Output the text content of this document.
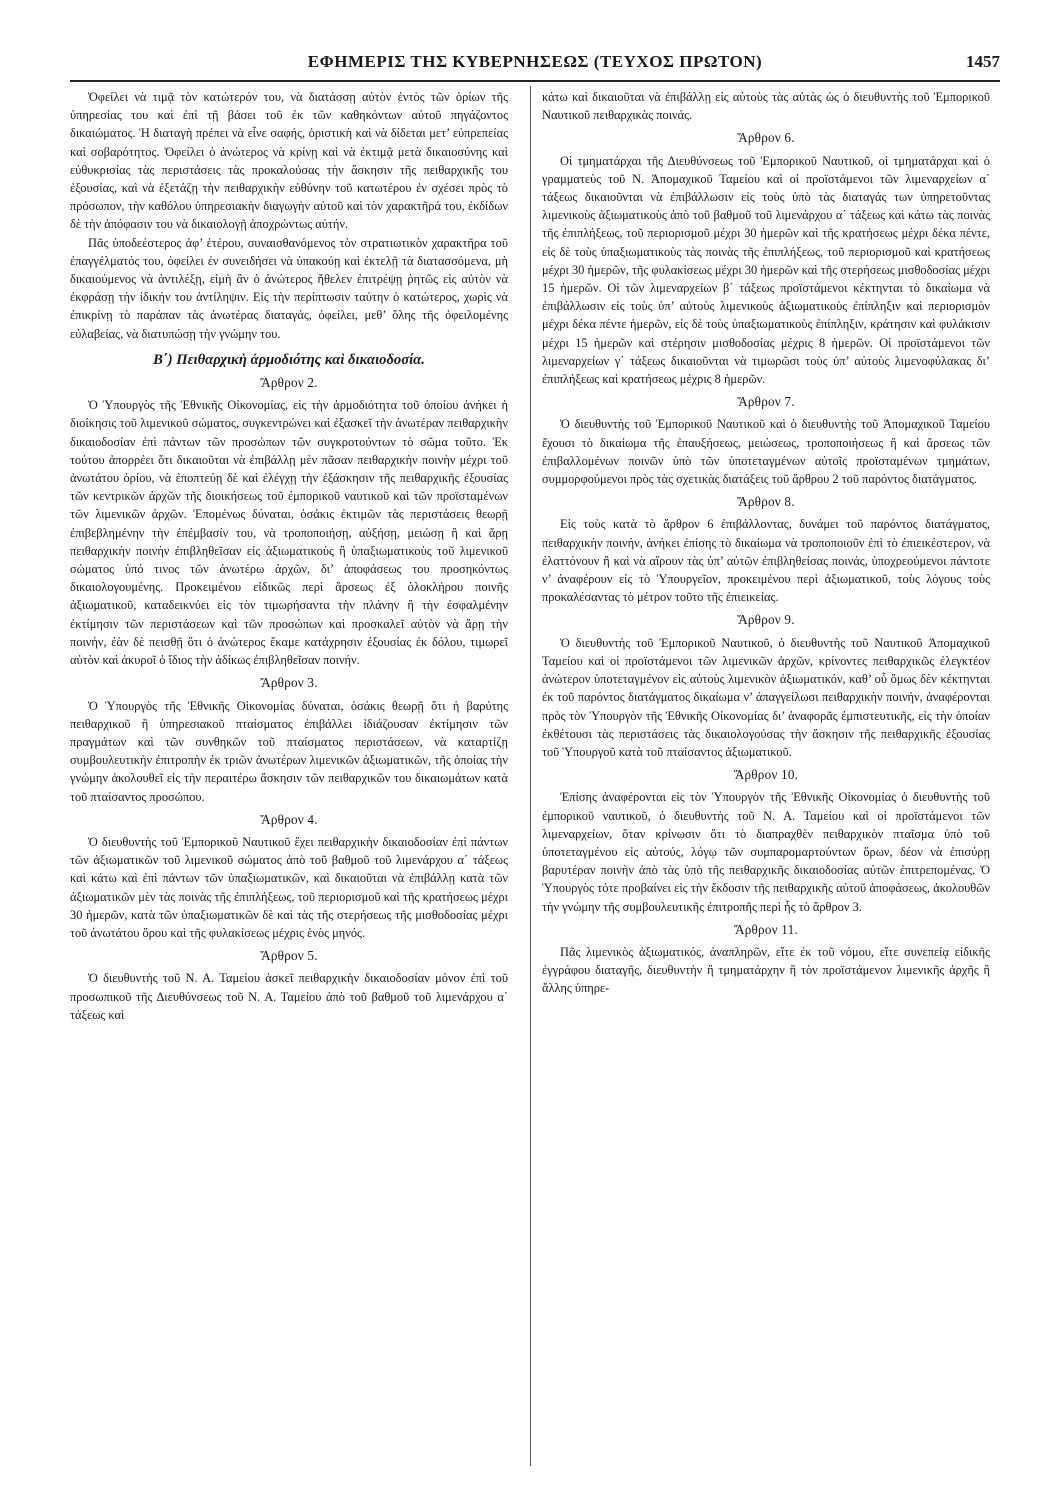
ΕΦΗΜΕΡΙΣ ΤΗΣ ΚΥΒΕΡΝΗΣΕΩΣ (ΤΕΥΧΟΣ ΠΡΩΤΟΝ)	1457

Ὀφείλει νὰ τιμᾷ τὸν κατώτερόν του, νὰ διατάσσῃ αὐτὸν ἐντὸς τῶν ὁρίων τῆς ὑπηρεσίας του καὶ ἐπὶ τῇ βάσει τοῦ ἐκ τῶν καθηκόντων αὐτοῦ πηγάζοντος δικαιώματος. Ἡ διαταγὴ πρέπει νὰ εἶνε σαφής, ὁριστικὴ καὶ νὰ δίδεται μετ’ εὐπρεπείας καὶ σοβαρότητος. Ὀφείλει ὁ ἀνώτερος νὰ κρίνῃ καὶ νὰ ἐκτιμᾷ μετὰ δικαιοσύνης καὶ εὐθυκρισίας τὰς περιστάσεις τὰς προκαλούσας τὴν ἄσκησιν τῆς πειθαρχικῆς του ἐξουσίας, καὶ νὰ ἐξετάζῃ τὴν πειθαρχικὴν εὐθύνην τοῦ κατωτέρου ἐν σχέσει πρὸς τὸ πρόσωπον, τὴν καθόλου ὑπηρεσιακὴν διαγωγὴν αὐτοῦ καὶ τὸν χαρακτῆρά του, ἐκδίδων δὲ τὴν ἀπόφασιν του νὰ δικαιολογῇ ἀποχρώντως αὐτήν.

Πᾶς ὑποδεέστερος ἀφ’ ἑτέρου, συναισθανόμενος τὸν στρατιωτικὸν χαρακτῆρα τοῦ ἐπαγγέλματός του, ὀφείλει ἐν συνειδήσει νὰ ὑπακούῃ καὶ ἐκτελῇ τὰ διατασσόμενα, μὴ δικαιούμενος νὰ ἀντιλέξῃ, εἰμὴ ἂν ὁ ἀνώτερος ἤθελεν ἐπιτρέψῃ ῥητῶς εἰς αὐτὸν νὰ ἐκφράσῃ τὴν ἰδικήν του ἀντίληψιν. Εἰς τὴν περίπτωσιν ταύτην ὁ κατώτερος, χωρὶς νὰ ἐπικρίνῃ τὸ παράπαν τὰς ἀνωτέρας διαταγάς, ὀφείλει, μεθ’ ὅλης τῆς ὀφειλομένης εὐλαβείας, νὰ διατυπώσῃ τὴν γνώμην του.

Β΄) Πειθαρχικὴ ἁρμοδιότης καὶ δικαιοδοσία.
Ἄρθρον 2.

Ὁ Ὑπουργὸς τῆς Ἐθνικῆς Οἰκονομίας, εἰς τὴν ἁρμοδιότητα τοῦ ὁποίου ἀνήκει ἡ διοίκησις τοῦ λιμενικοῦ σώματος, συγκεντρώνει καὶ ἐξασκεῖ τὴν ἀνωτέραν πειθαρχικὴν δικαιοδοσίαν ἐπὶ πάντων τῶν προσώπων τῶν συγκροτούντων τὸ σῶμα τοῦτο. Ἐκ τούτου ἀπορρέει ὅτι δικαιοῦται νὰ ἐπιβάλλῃ μὲν πᾶσαν πειθαρχικὴν ποινὴν μέχρι τοῦ ἀνωτάτου ὁρίου, νὰ ἐποπτεύῃ δὲ καὶ ἐλέγχῃ τὴν ἐξάσκησιν τῆς πειθαρχικῆς ἐξουσίας τῶν κεντρικῶν ἀρχῶν τῆς διοικήσεως τοῦ ἐμπορικοῦ ναυτικοῦ καὶ τῶν προϊσταμένων τῶν λιμενικῶν ἀρχῶν. Ἐπομένως δύναται, ὁσάκις ἐκτιμῶν τὰς περιστάσεις θεωρῇ ἐπιβεβλημένην τὴν ἐπέμβασίν του, νὰ τροποποιήσῃ, αὐξήσῃ, μειώσῃ ἢ καὶ ἄρῃ πειθαρχικὴν ποινὴν ἐπιβληθεῖσαν εἰς ἀξιωματικοὺς ἢ ὑπαξιωματικοὺς τοῦ λιμενικοῦ σώματος ὑπό τινος τῶν ἀνωτέρω ἀρχῶν, δι’ ἀποφάσεως του προσηκόντως δικαιολογουμένης. Προκειμένου εἰδικῶς περὶ ἄρσεως ἐξ ὁλοκλήρου ποινῆς ἀξιωματικοῦ, καταδεικνύει εἰς τὸν τιμωρήσαντα τὴν πλάνην ἢ τὴν ἐσφαλμένην ἐκτίμησιν τῶν περιστάσεων καὶ τῶν προσώπων καὶ προσκαλεῖ αὐτὸν νὰ ἄρῃ τὴν ποινήν, ἐὰν δὲ πεισθῇ ὅτι ὁ ἀνώτερος ἔκαμε κατάχρησιν ἐξουσίας ἐκ δόλου, τιμωρεῖ αὐτὸν καὶ ἀκυροῖ ὁ ἴδιος τὴν ἀδίκως ἐπιβληθεῖσαν ποινήν.

Ἄρθρον 3.

Ὁ Ὑπουργὸς τῆς Ἐθνικῆς Οἰκονομίας δύναται, ὁσάκις θεωρῇ ὅτι ἡ βαρύτης πειθαρχικοῦ ἢ ὑπηρεσιακοῦ πταίσματος ἐπιβάλλει ἰδιάζουσαν ἐκτίμησιν τῶν πραγμάτων καὶ τῶν συνθηκῶν τοῦ πταίσματος περιστάσεων, νὰ καταρτίζῃ συμβουλευτικὴν ἐπιτροπὴν ἐκ τριῶν ἀνωτέρων λιμενικῶν ἀξιωματικῶν, τῆς ὁποίας τὴν γνώμην ἀκολουθεῖ εἰς τὴν περαιτέρω ἄσκησιν τῶν πειθαρχικῶν του δικαιωμάτων κατὰ τοῦ πταίσαντος προσώπου.

Ἄρθρον 4.

Ὁ διευθυντὴς τοῦ Ἐμπορικοῦ Ναυτικοῦ ἔχει πειθαρχικὴν δικαιοδοσίαν ἐπὶ πάντων τῶν ἀξιωματικῶν τοῦ λιμενικοῦ σώματος ἀπὸ τοῦ βαθμοῦ τοῦ λιμενάρχου α΄ τάξεως καὶ κάτω καὶ ἐπὶ πάντων τῶν ὑπαξιωματικῶν, καὶ δικαιοῦται νὰ ἐπιβάλλῃ κατὰ τῶν ἀξιωματικῶν μὲν τὰς ποινὰς τῆς ἐπιπλήξεως, τοῦ περιορισμοῦ καὶ τῆς κρατήσεως μέχρι 30 ἡμερῶν, κατὰ τῶν ὑπαξιωματικῶν δὲ καὶ τὰς τῆς στερήσεως τῆς μισθοδοσίας μέχρι τοῦ ἀνωτάτου ὅρου καὶ τῆς φυλακίσεως μέχρις ἑνὸς μηνός.

Ἄρθρον 5.

Ὁ διευθυντὴς τοῦ Ν. Α. Ταμείου ἀσκεῖ πειθαρχικὴν δικαιοδοσίαν μόνον ἐπὶ τοῦ προσωπικοῦ τῆς Διευθύνσεως τοῦ Ν. Α. Ταμείου ἀπὸ τοῦ βαθμοῦ τοῦ λιμενάρχου α΄ τάξεως καὶ

κάτω καὶ δικαιοῦται νὰ ἐπιβάλλῃ εἰς αὐτοὺς τὰς αὐτὰς ὡς ὁ διευθυντὴς τοῦ Ἐμπορικοῦ Ναυτικοῦ πειθαρχικὰς ποινάς.

Ἄρθρον 6.

Οἱ τμηματάρχαι τῆς Διευθύνσεως τοῦ Ἐμπορικοῦ Ναυτικοῦ, οἱ τμηματάρχαι καὶ ὁ γραμματεὺς τοῦ Ν. Ἀπομαχικοῦ Ταμείου καὶ οἱ προϊστάμενοι τῶν λιμεναρχείων α΄ τάξεως δικαιοῦνται νὰ ἐπιβάλλωσιν εἰς τοὺς ὑπὸ τὰς διαταγάς των ὑπηρετοῦντας λιμενικοὺς ἀξιωματικοὺς ἀπὸ τοῦ βαθμοῦ τοῦ λιμενάρχου α΄ τάξεως καὶ κάτω τὰς ποινὰς τῆς ἐπιπλήξεως, τοῦ περιορισμοῦ μέχρι 30 ἡμερῶν καὶ τῆς κρατήσεως μέχρι δέκα πέντε, εἰς δὲ τοὺς ὑπαξιωματικοὺς τὰς ποινὰς τῆς ἐπιπλήξεως, τοῦ περιορισμοῦ καὶ κρατήσεως μέχρι 30 ἡμερῶν, τῆς φυλακίσεως μέχρι 30 ἡμερῶν καὶ τῆς στερήσεως μισθοδοσίας μέχρι 15 ἡμερῶν. Οἱ τῶν λιμεναρχείων β΄ τάξεως προϊστάμενοι κέκτηνται τὸ δικαίωμα νὰ ἐπιβάλλωσιν εἰς τοὺς ὑπ’ αὐτοὺς λιμενικοὺς ἀξιωματικοὺς ἐπίπληξιν καὶ περιορισμὸν μέχρι δέκα πέντε ἡμερῶν, εἰς δὲ τοὺς ὑπαξιωματικοὺς ἐπίπληξιν, κράτησιν καὶ φυλάκισιν μέχρι 15 ἡμερῶν καὶ στέρησιν μισθοδοσίας μέχρις 8 ἡμερῶν. Οἱ προϊστάμενοι τῶν λιμεναρχείων γ΄ τάξεως δικαιοῦνται νὰ τιμωρῶσι τοὺς ὑπ’ αὐτοὺς λιμενοφύλακας δι’ ἐπιπλήξεως καὶ κρατήσεως μέχρις 8 ἡμερῶν.

Ἄρθρον 7.

Ὁ διευθυντὴς τοῦ Ἐμπορικοῦ Ναυτικοῦ καὶ ὁ διευθυντὴς τοῦ Ἀπομαχικοῦ Ταμείου ἔχουσι τὸ δικαίωμα τῆς ἐπαυξήσεως, μειώσεως, τροποποιήσεως ἢ καὶ ἄρσεως τῶν ἐπιβαλλομένων ποινῶν ὑπὸ τῶν ὑποτεταγμένων αὐτοῖς προϊσταμένων τμημάτων, συμμορφούμενοι πρὸς τὰς σχετικὰς διατάξεις τοῦ ἄρθρου 2 τοῦ παρόντος διατάγματος.

Ἄρθρον 8.

Εἰς τοὺς κατὰ τὸ ἄρθρον 6 ἐπιβάλλοντας, δυνάμει τοῦ παρόντος διατάγματος, πειθαρχικὴν ποινήν, ἀνήκει ἐπίσης τὸ δικαίωμα νὰ τροποποιοῦν ἐπὶ τὸ ἐπιεικέστερον, νὰ ἐλαττόνουν ἢ καὶ νὰ αἴρουν τὰς ὑπ’ αὐτῶν ἐπιβληθείσας ποινάς, ὑποχρεούμενοι πάντοτε ν’ ἀναφέρουν εἰς τὸ Ὑπουργεῖον, προκειμένου περὶ ἀξιωματικοῦ, τοὺς λόγους τοὺς προκαλέσαντας τὸ μέτρον τοῦτο τῆς ἐπιεικείας.

Ἄρθρον 9.

Ὁ διευθυντὴς τοῦ Ἐμπορικοῦ Ναυτικοῦ, ὁ διευθυντὴς τοῦ Ναυτικοῦ Ἀπομαχικοῦ Ταμείου καὶ οἱ προϊστάμενοι τῶν λιμενικῶν ἀρχῶν, κρίνοντες πειθαρχικῶς ἐλεγκτέον ἀνώτερον ὑποτεταγμένον εἰς αὐτοὺς λιμενικὸν ἀξιωματικόν, καθ’ οὗ ὅμως δὲν κέκτηνται ἐκ τοῦ παρόντος διατάγματος δικαίωμα ν’ ἀπαγγείλωσι πειθαρχικὴν ποινήν, ἀναφέρονται πρὸς τὸν Ὑπουργὸν τῆς Ἐθνικῆς Οἰκονομίας δι’ ἀναφορᾶς ἐμπιστευτικῆς, εἰς τὴν ὁποίαν ἐκθέτουσι τὰς περιστάσεις τὰς δικαιολογούσας τὴν ἄσκησιν τῆς πειθαρχικῆς ἐξουσίας τοῦ Ὑπουργοῦ κατὰ τοῦ πταίσαντος ἀξιωματικοῦ.

Ἄρθρον 10.

Ἐπίσης ἀναφέρονται εἰς τὸν Ὑπουργὸν τῆς Ἐθνικῆς Οἰκονομίας ὁ διευθυντὴς τοῦ ἐμπορικοῦ ναυτικοῦ, ὁ διευθυντὴς τοῦ Ν. Α. Ταμείου καὶ οἱ προϊστάμενοι τῶν λιμεναρχείων, ὅταν κρίνωσιν ὅτι τὸ διαπραχθὲν πειθαρχικὸν πταῖσμα ὑπὸ τοῦ ὑποτεταγμένου εἰς αὐτούς, λόγῳ τῶν συμπαρομαρτούντων ὅρων, δέον νὰ ἐπισύρῃ βαρυτέραν ποινὴν ἀπὸ τὰς ὑπὸ τῆς πειθαρχικῆς δικαιοδοσίας αὐτῶν ἐπιτρεπομένας. Ὁ Ὑπουργὸς τότε προβαίνει εἰς τὴν ἔκδοσιν τῆς πειθαρχικῆς αὐτοῦ ἀποφάσεως, ἀκολουθῶν τὴν γνώμην τῆς συμβουλευτικῆς ἐπιτροπῆς περὶ ἧς τὸ ἄρθρον 3.

Ἄρθρον 11.

Πᾶς λιμενικὸς ἀξιωματικός, ἀναπληρῶν, εἴτε ἐκ τοῦ νόμου, εἴτε συνεπείᾳ εἰδικῆς ἐγγράφου διαταγῆς, διευθυντὴν ἢ τμηματάρχην ἢ τὸν προϊστάμενον λιμενικῆς ἀρχῆς ἢ ἄλλης ὑπηρε-
